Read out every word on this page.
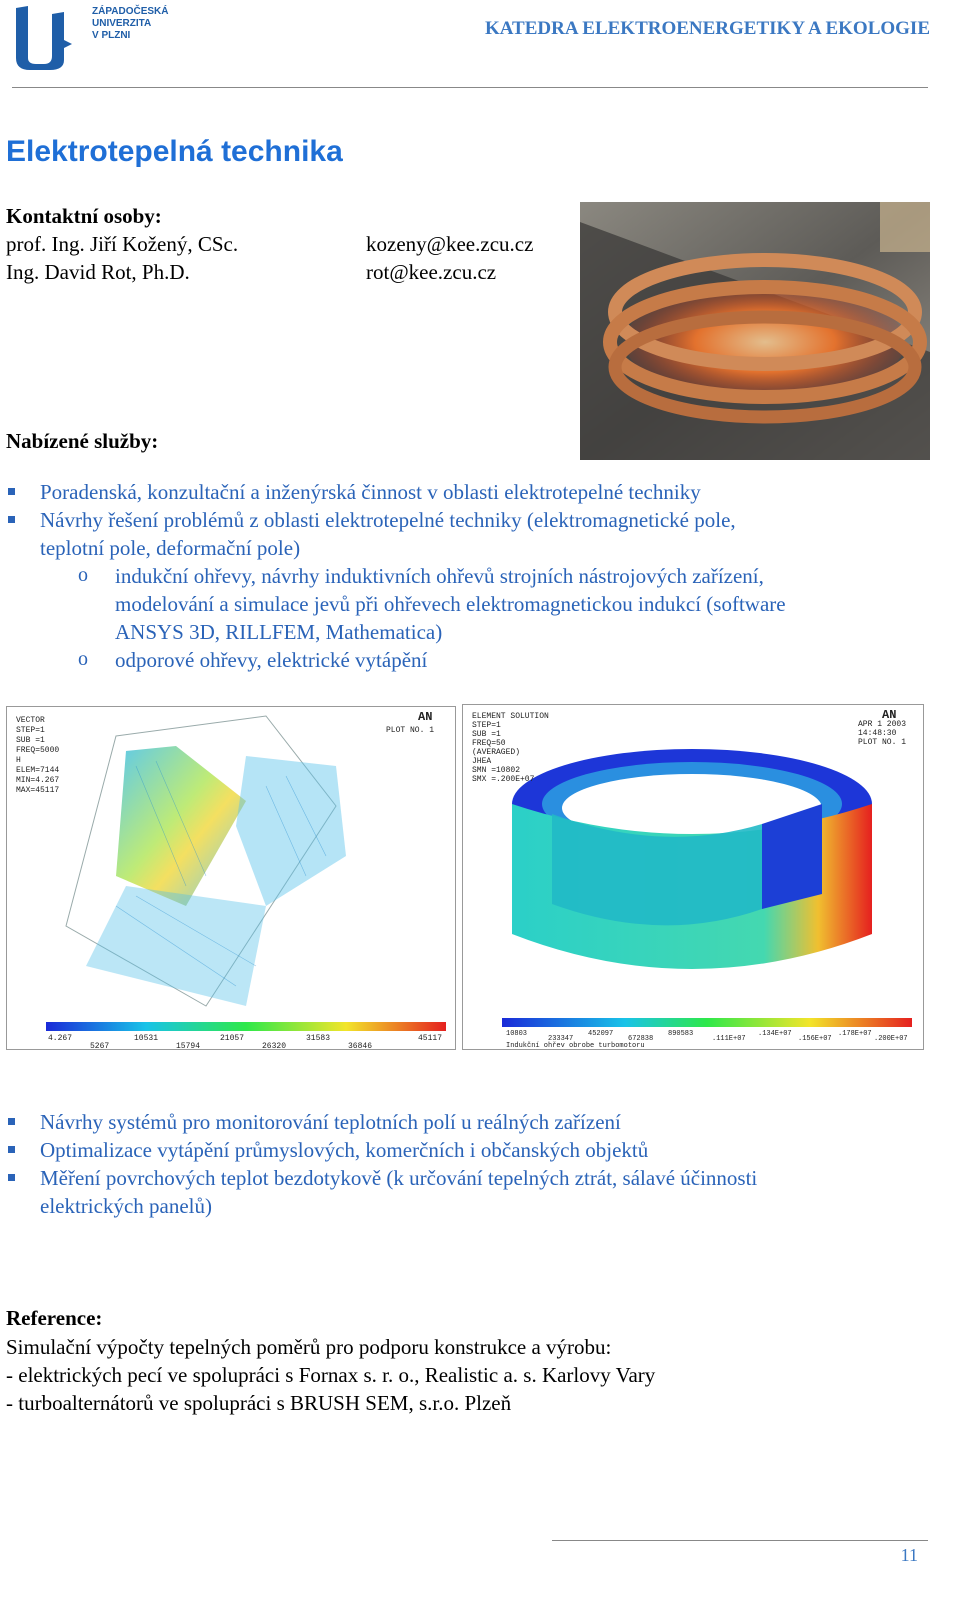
ZÁPADOČESKÁ
UNIVERZITA
V PLZNI	KATEDRA ELEKTROENERGETIKY A EKOLOGIE
Elektrotepelná technika
Kontaktní osoby:
prof. Ing. Jiří Kožený, CSc.	kozeny@kee.zcu.cz
Ing. David Rot, Ph.D.	rot@kee.zcu.cz
Nabízené služby:
Poradenská, konzultační a inženýrská činnost v oblasti elektrotepelné techniky
Návrhy řešení problémů z oblasti elektrotepelné techniky (elektromagnetické pole,
teplotní pole, deformační pole)
o indukční ohřevy, návrhy induktivních ohřevů strojních nástrojových zařízení,
modelování a simulace jevů při ohřevech elektromagnetickou indukcí (software
ANSYS 3D, RILLFEM, Mathematica)
o odporové ohřevy, elektrické vytápění
AN
PLOT NO. 1
VECTOR
STEP=1
SUB =1
FREQ=5000
H
ELEM=7144
MIN=4.267
MAX=45117
4.267	10531	21057	31583	45117
5267	15794	26320	36846
AN
APR 1 2003
14:48:30
PLOT NO. 1
ELEMENT SOLUTION
STEP=1
SUB =1
FREQ=50
(AVERAGED)
JHEA
SMN =10802
SMX =.200E+07
10803
233347
452097
672838
890583
.111E+07
.134E+07
.156E+07
.178E+07
.200E+07
Indukční ohřev obrobe turbomotoru
Návrhy systémů pro monitorování teplotních polí u reálných zařízení
Optimalizace vytápění průmyslových, komerčních i občanských objektů
Měření povrchových teplot bezdotykově (k určování tepelných ztrát, sálavé účinnosti
elektrických panelů)
Reference:
Simulační výpočty tepelných poměrů pro podporu konstrukce a výrobu:
- elektrických pecí ve spolupráci s Fornax s. r. o., Realistic a. s. Karlovy Vary
- turboalternátorů ve spolupráci s BRUSH SEM, s.r.o. Plzeň
11
